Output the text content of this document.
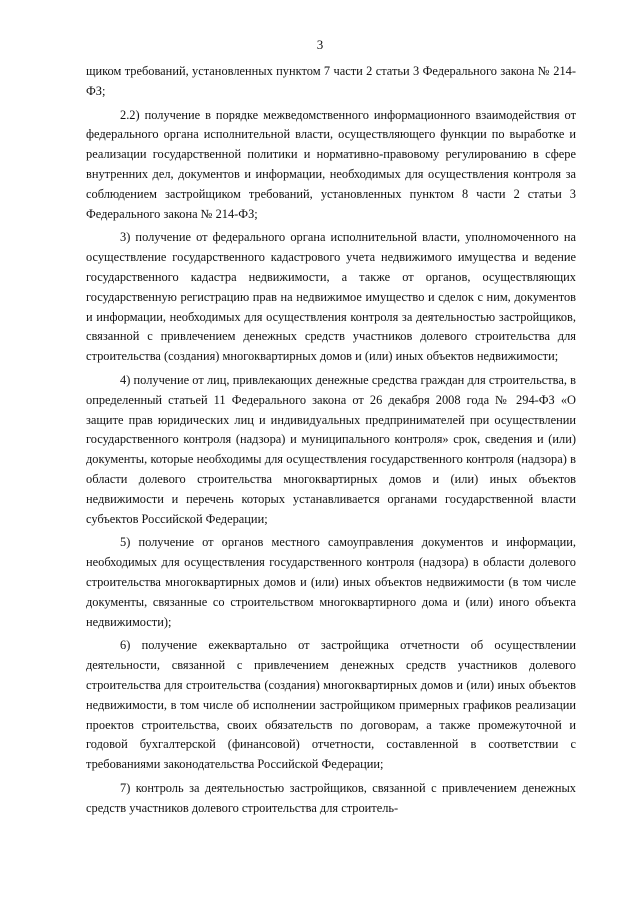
3

щиком требований, установленных пунктом 7 части 2 статьи 3 Федерального закона № 214-ФЗ;

2.2) получение в порядке межведомственного информационного взаимодействия от федерального органа исполнительной власти, осуществляющего функции по выработке и реализации государственной политики и нормативно-правовому регулированию в сфере внутренних дел, документов и информации, необходимых для осуществления контроля за соблюдением застройщиком требований, установленных пунктом 8 части 2 статьи 3 Федерального закона № 214-ФЗ;

3) получение от федерального органа исполнительной власти, уполномоченного на осуществление государственного кадастрового учета недвижимого имущества и ведение государственного кадастра недвижимости, а также от органов, осуществляющих государственную регистрацию прав на недвижимое имущество и сделок с ним, документов и информации, необходимых для осуществления контроля за деятельностью застройщиков, связанной с привлечением денежных средств участников долевого строительства для строительства (создания) многоквартирных домов и (или) иных объектов недвижимости;

4) получение от лиц, привлекающих денежные средства граждан для строительства, в определенный статьей 11 Федерального закона от 26 декабря 2008 года № 294-ФЗ «О защите прав юридических лиц и индивидуальных предпринимателей при осуществлении государственного контроля (надзора) и муниципального контроля» срок, сведения и (или) документы, которые необходимы для осуществления государственного контроля (надзора) в области долевого строительства многоквартирных домов и (или) иных объектов недвижимости и перечень которых устанавливается органами государственной власти субъектов Российской Федерации;

5) получение от органов местного самоуправления документов и информации, необходимых для осуществления государственного контроля (надзора) в области долевого строительства многоквартирных домов и (или) иных объектов недвижимости (в том числе документы, связанные со строительством многоквартирного дома и (или) иного объекта недвижимости);

6) получение ежеквартально от застройщика отчетности об осуществлении деятельности, связанной с привлечением денежных средств участников долевого строительства для строительства (создания) многоквартирных домов и (или) иных объектов недвижимости, в том числе об исполнении застройщиком примерных графиков реализации проектов строительства, своих обязательств по договорам, а также промежуточной и годовой бухгалтерской (финансовой) отчетности, составленной в соответствии с требованиями законодательства Российской Федерации;

7) контроль за деятельностью застройщиков, связанной с привлечением денежных средств участников долевого строительства для строитель-
